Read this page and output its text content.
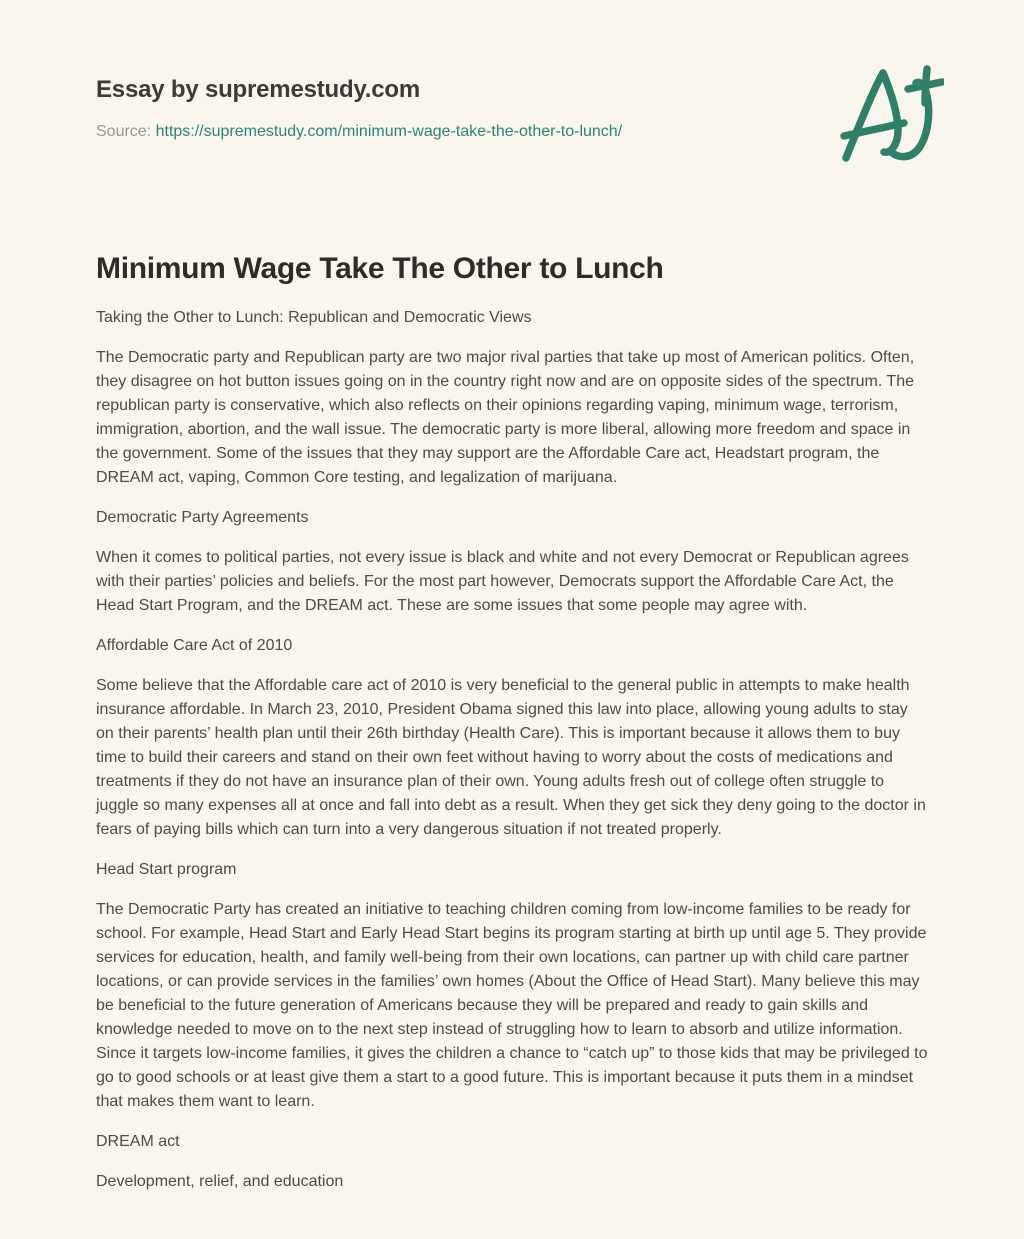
Essay by supremestudy.com
Source: https://supremestudy.com/minimum-wage-take-the-other-to-lunch/
Minimum Wage Take The Other to Lunch

Taking the Other to Lunch: Republican and Democratic Views

The Democratic party and Republican party are two major rival parties that take up most of American politics. Often, they disagree on hot button issues going on in the country right now and are on opposite sides of the spectrum. The republican party is conservative, which also reflects on their opinions regarding vaping, minimum wage, terrorism, immigration, abortion, and the wall issue. The democratic party is more liberal, allowing more freedom and space in the government. Some of the issues that they may support are the Affordable Care act, Headstart program, the DREAM act, vaping, Common Core testing, and legalization of marijuana.

Democratic Party Agreements

When it comes to political parties, not every issue is black and white and not every Democrat or Republican agrees with their parties’ policies and beliefs. For the most part however, Democrats support the Affordable Care Act, the Head Start Program, and the DREAM act. These are some issues that some people may agree with.

Affordable Care Act of 2010

Some believe that the Affordable care act of 2010 is very beneficial to the general public in attempts to make health insurance affordable. In March 23, 2010, President Obama signed this law into place, allowing young adults to stay on their parents’ health plan until their 26th birthday (Health Care). This is important because it allows them to buy time to build their careers and stand on their own feet without having to worry about the costs of medications and treatments if they do not have an insurance plan of their own. Young adults fresh out of college often struggle to juggle so many expenses all at once and fall into debt as a result. When they get sick they deny going to the doctor in fears of paying bills which can turn into a very dangerous situation if not treated properly.

Head Start program

The Democratic Party has created an initiative to teaching children coming from low-income families to be ready for school. For example, Head Start and Early Head Start begins its program starting at birth up until age 5. They provide services for education, health, and family well-being from their own locations, can partner up with child care partner locations, or can provide services in the families’ own homes (About the Office of Head Start). Many believe this may be beneficial to the future generation of Americans because they will be prepared and ready to gain skills and knowledge needed to move on to the next step instead of struggling how to learn to absorb and utilize information. Since it targets low-income families, it gives the children a chance to “catch up” to those kids that may be privileged to go to good schools or at least give them a start to a good future. This is important because it puts them in a mindset that makes them want to learn.

DREAM act

Development, relief, and education
